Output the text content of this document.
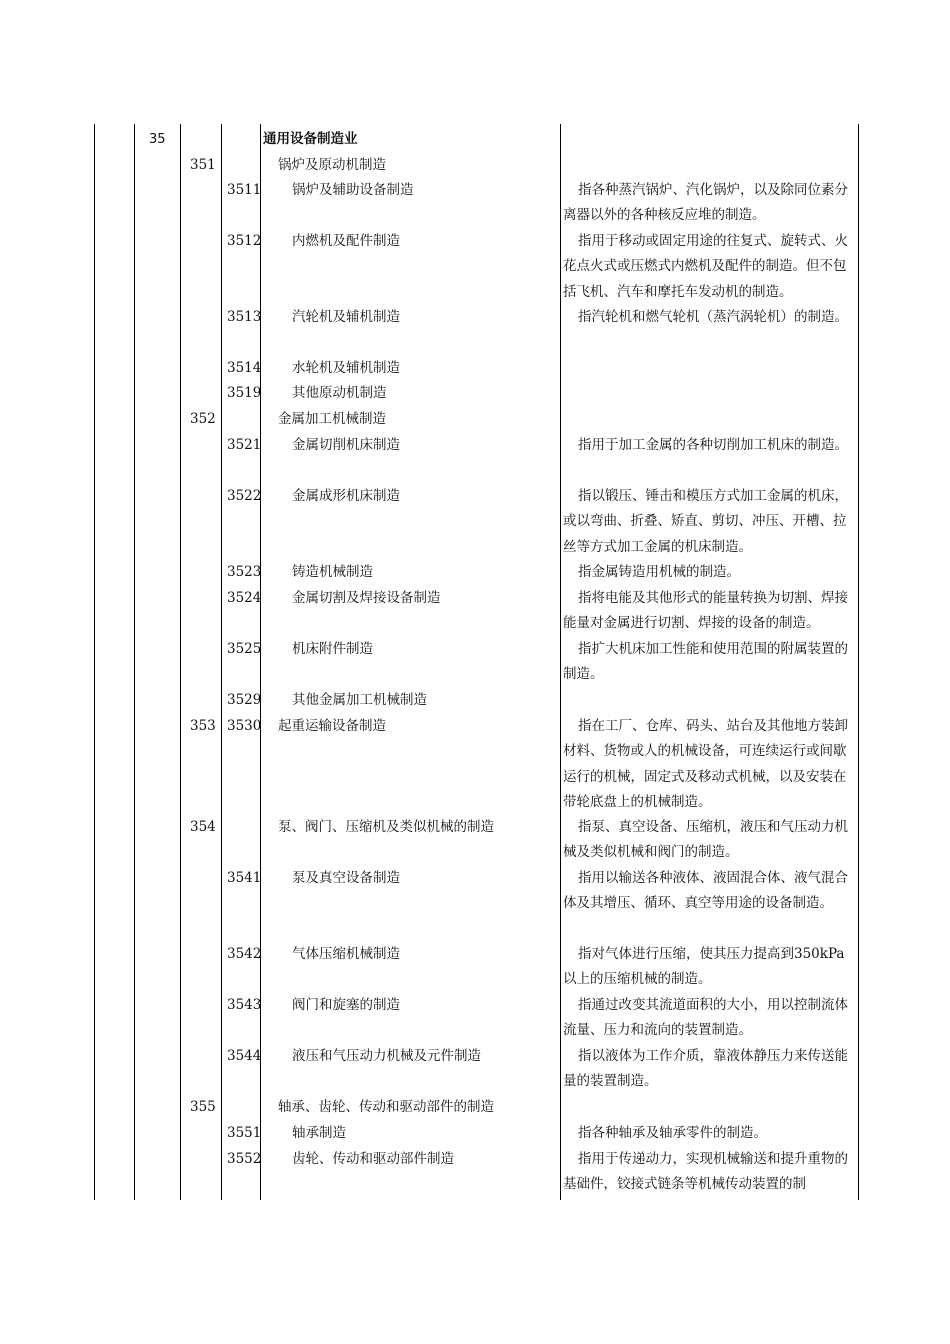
35	通用设备制造业
351	锅炉及原动机制造
3511 锅炉及辅助设备制造	指各种蒸汽锅炉、汽化锅炉，以及除同位素分离器以外的各种核反应堆的制造。
3512 内燃机及配件制造	指用于移动或固定用途的往复式、旋转式、火花点火式或压燃式内燃机及配件的制造。但不包括飞机、汽车和摩托车发动机的制造。
3513 汽轮机及辅机制造	指汽轮机和燃气轮机（蒸汽涡轮机）的制造。
3514 水轮机及辅机制造
3519 其他原动机制造
352	金属加工机械制造
3521 金属切削机床制造	指用于加工金属的各种切削加工机床的制造。
3522 金属成形机床制造	指以锻压、锤击和模压方式加工金属的机床，或以弯曲、折叠、矫直、剪切、冲压、开槽、拉丝等方式加工金属的机床制造。
3523 铸造机械制造	指金属铸造用机械的制造。
3524 金属切割及焊接设备制造	指将电能及其他形式的能量转换为切割、焊接能量对金属进行切割、焊接的设备的制造。
3525 机床附件制造	指扩大机床加工性能和使用范围的附属装置的制造。
3529 其他金属加工机械制造
353 3530 起重运输设备制造	指在工厂、仓库、码头、站台及其他地方装卸材料、货物或人的机械设备，可连续运行或间歇运行的机械，固定式及移动式机械，以及安装在带轮底盘上的机械制造。
354	泵、阀门、压缩机及类似机械的制造	指泵、真空设备、压缩机，液压和气压动力机械及类似机械和阀门的制造。
3541 泵及真空设备制造	指用以输送各种液体、液固混合体、液气混合体及其增压、循环、真空等用途的设备制造。
3542 气体压缩机械制造	指对气体进行压缩，使其压力提高到350kPa以上的压缩机械的制造。
3543 阀门和旋塞的制造	指通过改变其流道面积的大小，用以控制流体流量、压力和流向的装置制造。
3544 液压和气压动力机械及元件制造	指以液体为工作介质，靠液体静压力来传送能量的装置制造。
355	轴承、齿轮、传动和驱动部件的制造
3551 轴承制造	指各种轴承及轴承零件的制造。
3552 齿轮、传动和驱动部件制造	指用于传递动力，实现机械输送和提升重物的基础件，铰接式链条等机械传动装置的制
